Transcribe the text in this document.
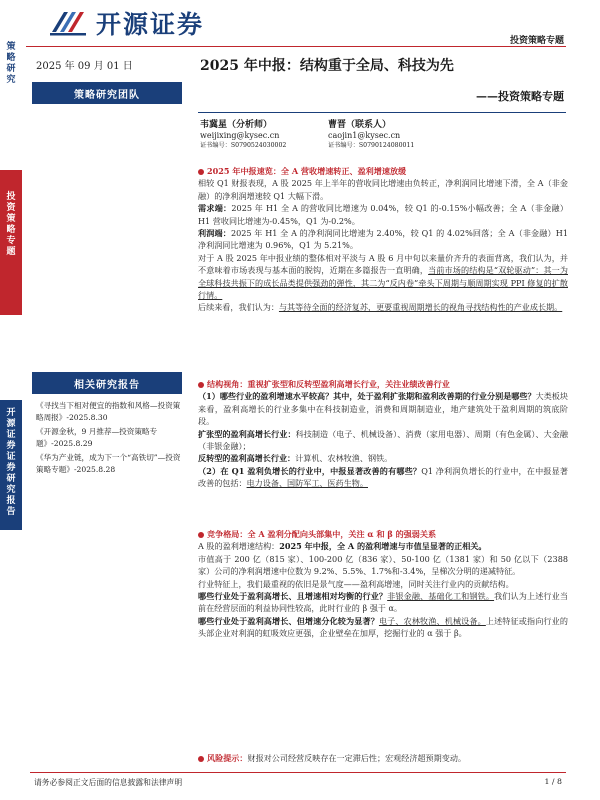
开源证券
投资策略专题
策略研究
投资策略专题
开源证券 证券研究报告
2025 年 09 月 01 日
策略研究团队
相关研究报告
《寻找当下相对便宜的指数和风格—投资策略周报》-2025.8.30
《开源金秋，9 月推荐—投资策略专题》-2025.8.29
《华为产业链，成为下一个“高铁切”—投资策略专题》-2025.8.28
2025 年中报：结构重于全局、科技为先
——投资策略专题
韦冀星（分析师）
weijixing@kysec.cn
证书编号：S0790524030002
曹晋（联系人）
caojin1@kysec.cn
证书编号：S0790124080011
2025 年中报速览：全 A 营收增速转正、盈利增速放缓
相较 Q1 财报表现，A 股 2025 年上半年的营收同比增速由负转正，净利润同比增速下滑，全 A（非金融）的净利润增速较 Q1 大幅下滑。
需求端：2025 年 H1 全 A 的营收同比增速为 0.04%，较 Q1 的-0.15%小幅改善；全 A（非金融）H1 营收同比增速为-0.45%，Q1 为-0.2%。
利润端：2025 年 H1 全 A 的净利润同比增速为 2.40%，较 Q1 的 4.02%回落；全 A（非金融）H1 净利润同比增速为 0.96%，Q1 为 5.21%。
对于 A 股 2025 年中报业绩的整体相对平淡与 A 股 6 月中旬以来量价齐升的表面背离，我们认为，并不意味着市场表现与基本面的脱钩，近期在多篇报告一直明确，当前市场的结构是“双轮驱动”：其一为全球科技共振下的成长品类提供强劲的弹性，其二为“反内卷”牵头下周期与顺周期实现 PPI 修复的扩散行情。
后续来看，我们认为：与其等待全面的经济复苏，更要重视周期增长的视角寻找结构性的产业成长期。
结构视角：重视扩张型和反转型盈利高增长行业，关注业绩改善行业
（1）哪些行业的盈利增速水平较高？其中，处于盈利扩张期和盈利改善期的行业分别是哪些？大类板块来看，盈利高增长的行业多集中在科技制造业，消费和周期制造业，地产建筑处于盈利周期的筑底阶段。
扩张型的盈利高增长行业：科技制造（电子、机械设备）、消费（家用电器）、周期（有色金属）、大金融（非银金融）；
反转型的盈利高增长行业：计算机、农林牧渔、钢铁。
（2）在 Q1 盈利负增长的行业中，中报显著改善的有哪些？Q1 净利润负增长的行业中，在中报显著改善的包括：电力设备、国防军工、医药生物。
竞争格局：全 A 盈利分配向头部集中，关注 α 和 β 的强弱关系
A 股的盈利增速结构：2025 年中报，全 A 的盈利增速与市值呈显著的正相关。
市值高于 200 亿（815 家）、100-200 亿（836 家）、50-100 亿（1381 家）和 50 亿以下（2388 家）公司的净利润增速中位数为 9.2%、5.5%、1.7%和-3.4%，呈梯次分明的递减特征。
行业特征上，我们最重视的依旧是景气度——盈利高增速，同时关注行业内的贡献结构。
哪些行业处于盈利高增长、且增速相对均衡的行业？非银金融、基础化工和钢铁。我们认为上述行业当前在经营层面的利益协同性较高，此时行业的 β 强于 α。
哪些行业处于盈利高增长、但增速分化较为显著？电子、农林牧渔、机械设备。上述特征或指向行业的头部企业对利润的虹吸效应更强，企业壁垒在加厚，挖掘行业的 α 强于 β。
风险提示：财报对公司经营反映存在一定滞后性；宏观经济超预期变动。
请务必参阅正文后面的信息披露和法律声明	1 / 8
